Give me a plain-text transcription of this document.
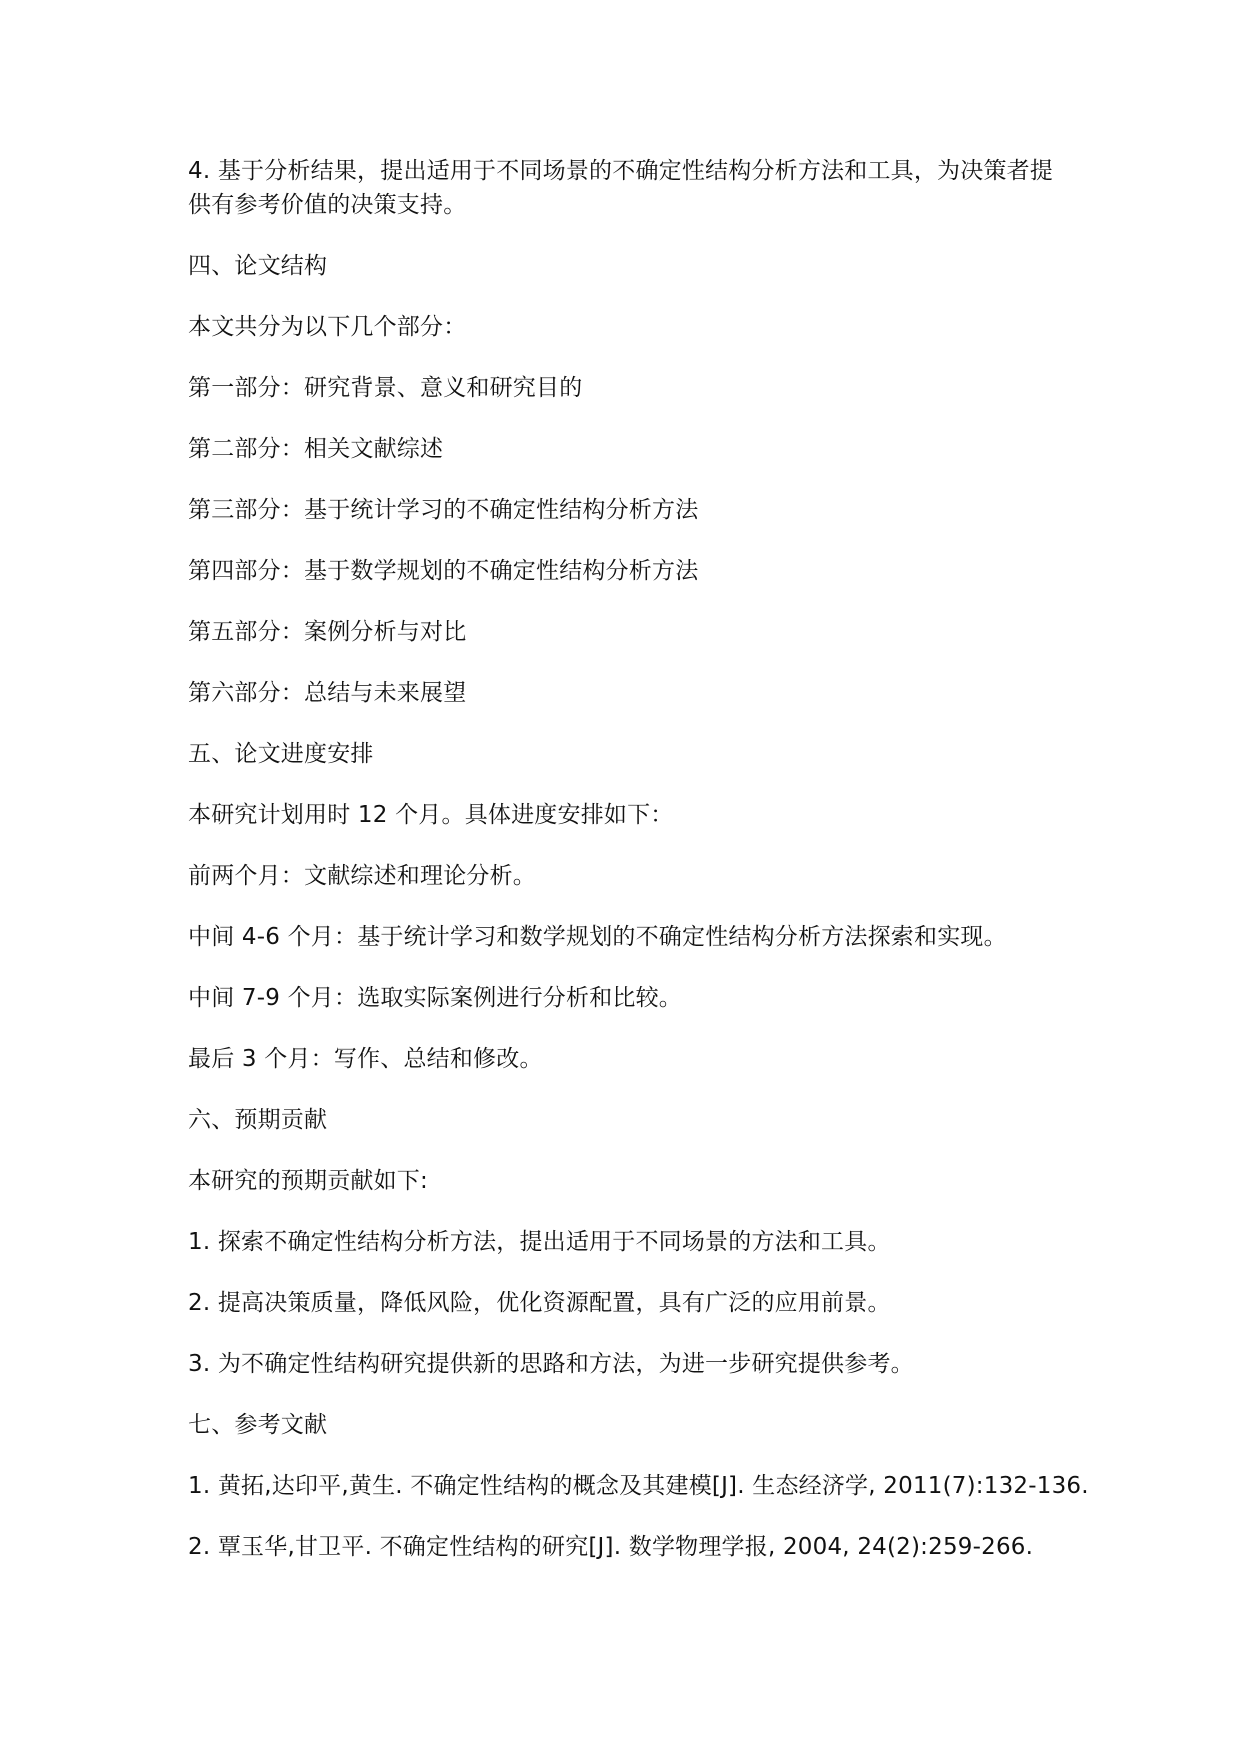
4. 基于分析结果，提出适用于不同场景的不确定性结构分析方法和工具，为决策者提供有参考价值的决策支持。

四、论文结构

本文共分为以下几个部分：

第一部分：研究背景、意义和研究目的

第二部分：相关文献综述

第三部分：基于统计学习的不确定性结构分析方法

第四部分：基于数学规划的不确定性结构分析方法

第五部分：案例分析与对比

第六部分：总结与未来展望

五、论文进度安排

本研究计划用时 12 个月。具体进度安排如下：

前两个月：文献综述和理论分析。

中间 4-6 个月：基于统计学习和数学规划的不确定性结构分析方法探索和实现。

中间 7-9 个月：选取实际案例进行分析和比较。

最后 3 个月：写作、总结和修改。

六、预期贡献

本研究的预期贡献如下:

1. 探索不确定性结构分析方法，提出适用于不同场景的方法和工具。

2. 提高决策质量，降低风险，优化资源配置，具有广泛的应用前景。

3. 为不确定性结构研究提供新的思路和方法，为进一步研究提供参考。

七、参考文献

1. 黄拓,达印平,黄生. 不确定性结构的概念及其建模[J]. 生态经济学, 2011(7):132-136.

2. 覃玉华,甘卫平. 不确定性结构的研究[J]. 数学物理学报, 2004, 24(2):259-266.
